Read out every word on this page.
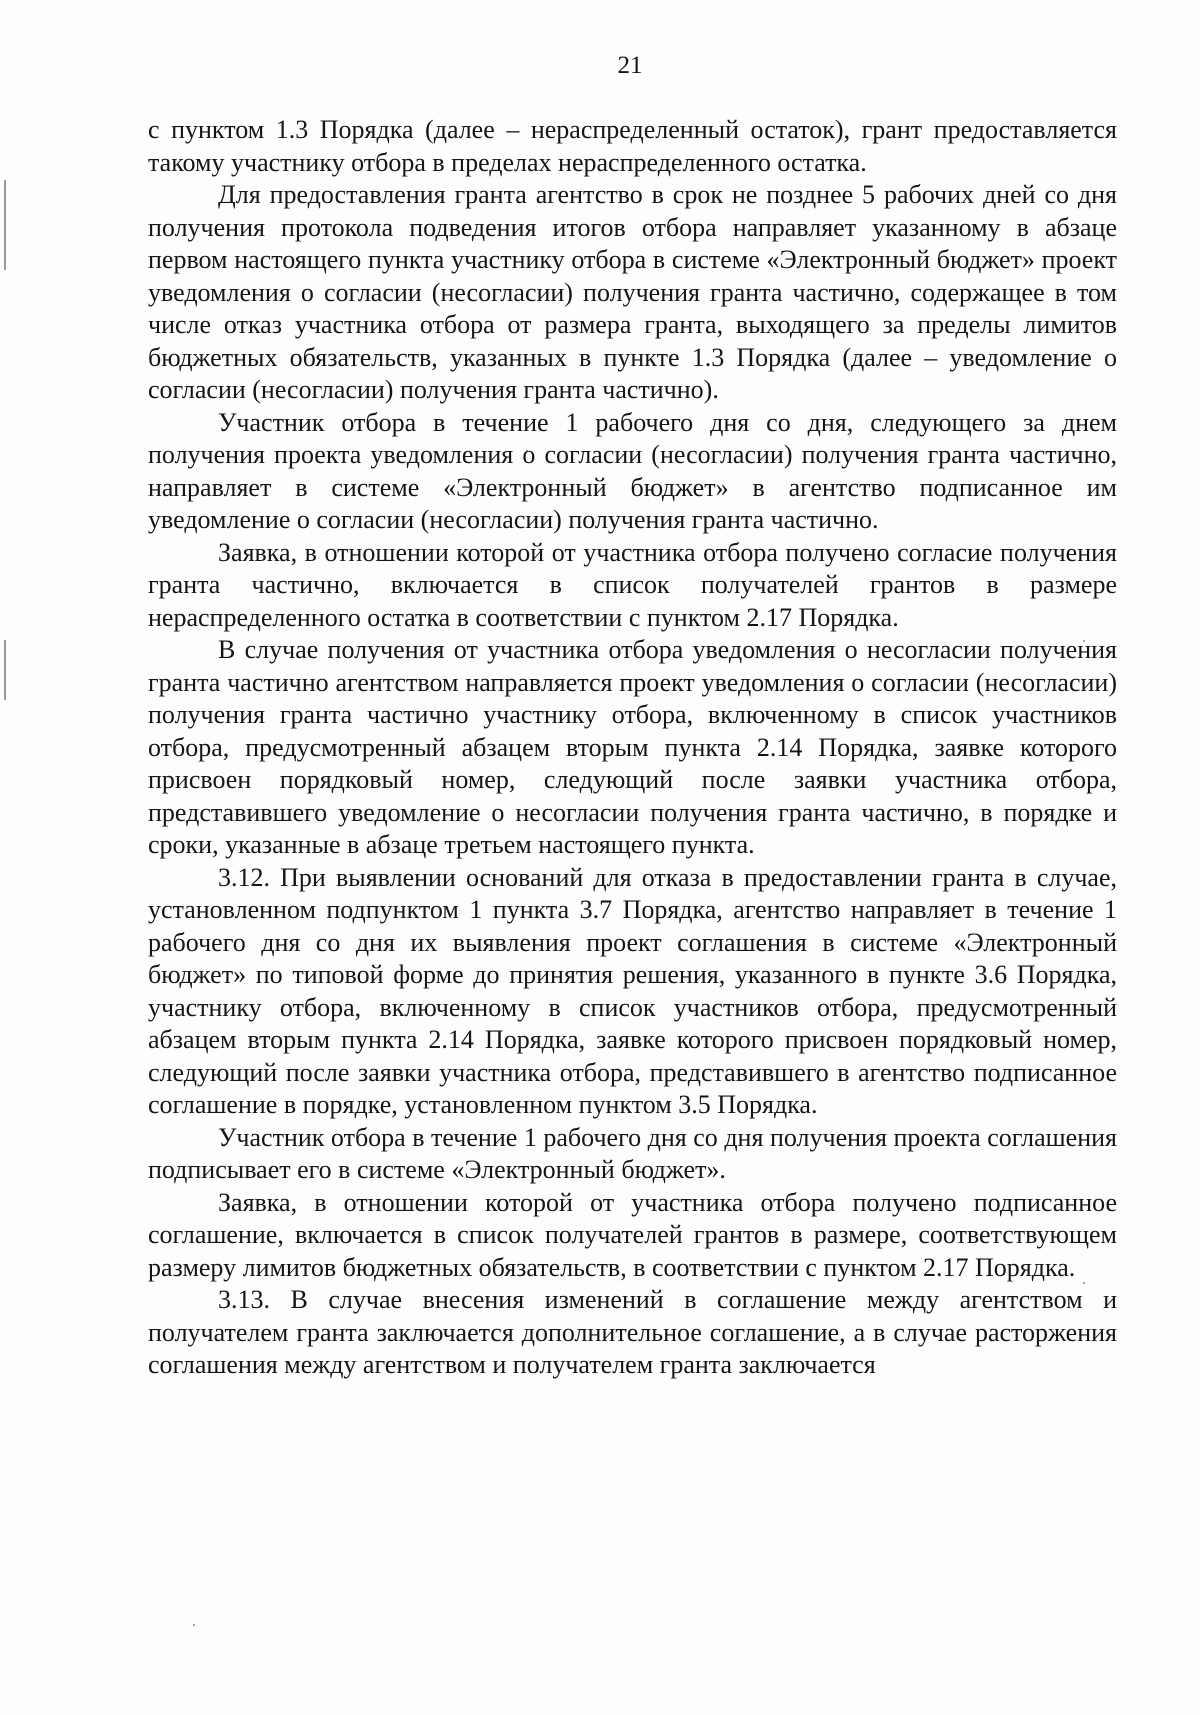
21

с пунктом 1.3 Порядка (далее – нераспределенный остаток), грант предоставляется такому участнику отбора в пределах нераспределенного остатка.

Для предоставления гранта агентство в срок не позднее 5 рабочих дней со дня получения протокола подведения итогов отбора направляет указанному в абзаце первом настоящего пункта участнику отбора в системе «Электронный бюджет» проект уведомления о согласии (несогласии) получения гранта частично, содержащее в том числе отказ участника отбора от размера гранта, выходящего за пределы лимитов бюджетных обязательств, указанных в пункте 1.3 Порядка (далее – уведомление о согласии (несогласии) получения гранта частично).

Участник отбора в течение 1 рабочего дня со дня, следующего за днем получения проекта уведомления о согласии (несогласии) получения гранта частично, направляет в системе «Электронный бюджет» в агентство подписанное им уведомление о согласии (несогласии) получения гранта частично.

Заявка, в отношении которой от участника отбора получено согласие получения гранта частично, включается в список получателей грантов в размере нераспределенного остатка в соответствии с пунктом 2.17 Порядка.

В случае получения от участника отбора уведомления о несогласии получения гранта частично агентством направляется проект уведомления о согласии (несогласии) получения гранта частично участнику отбора, включенному в список участников отбора, предусмотренный абзацем вторым пункта 2.14 Порядка, заявке которого присвоен порядковый номер, следующий после заявки участника отбора, представившего уведомление о несогласии получения гранта частично, в порядке и сроки, указанные в абзаце третьем настоящего пункта.

3.12. При выявлении оснований для отказа в предоставлении гранта в случае, установленном подпунктом 1 пункта 3.7 Порядка, агентство направляет в течение 1 рабочего дня со дня их выявления проект соглашения в системе «Электронный бюджет» по типовой форме до принятия решения, указанного в пункте 3.6 Порядка, участнику отбора, включенному в список участников отбора, предусмотренный абзацем вторым пункта 2.14 Порядка, заявке которого присвоен порядковый номер, следующий после заявки участника отбора, представившего в агентство подписанное соглашение в порядке, установленном пунктом 3.5 Порядка.

Участник отбора в течение 1 рабочего дня со дня получения проекта соглашения подписывает его в системе «Электронный бюджет».

Заявка, в отношении которой от участника отбора получено подписанное соглашение, включается в список получателей грантов в размере, соответствующем размеру лимитов бюджетных обязательств, в соответствии с пунктом 2.17 Порядка.

3.13. В случае внесения изменений в соглашение между агентством и получателем гранта заключается дополнительное соглашение, а в случае расторжения соглашения между агентством и получателем гранта заключается
